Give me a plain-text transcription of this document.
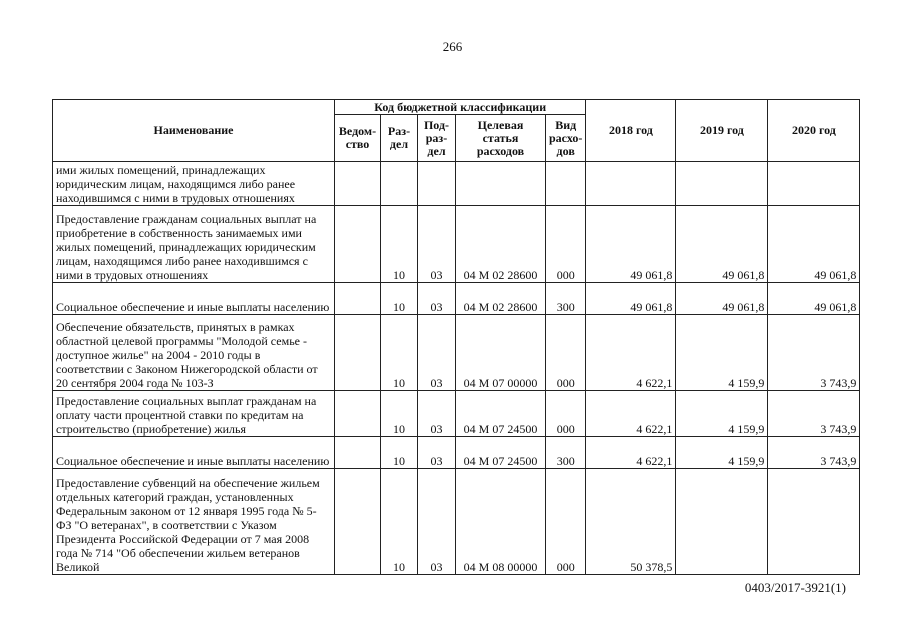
266
Наименование	Код бюджетной классификации					2018 год	2019 год	2020 год
	Ведом-ство	Раз-дел	Под-раз-дел	Целевая статья расходов	Вид расхо-дов			
ими жилых помещений, принадлежащих юридическим лицам, находящимся либо ранее находившимся с ними в трудовых отношениях								
Предоставление гражданам социальных выплат на приобретение в собственность занимаемых ими жилых помещений, принадлежащих юридическим лицам, находящимся либо ранее находившимся с ними в трудовых отношениях		10	03	04 М 02 28600	000	49 061,8	49 061,8	49 061,8
Социальное обеспечение и иные выплаты населению		10	03	04 М 02 28600	300	49 061,8	49 061,8	49 061,8
Обеспечение обязательств, принятых в рамках областной целевой программы "Молодой семье - доступное жилье" на 2004 - 2010 годы в соответствии с Законом Нижегородской области от 20 сентября 2004 года № 103-З		10	03	04 М 07 00000	000	4 622,1	4 159,9	3 743,9
Предоставление социальных выплат гражданам на оплату части процентной ставки по кредитам на строительство (приобретение) жилья		10	03	04 М 07 24500	000	4 622,1	4 159,9	3 743,9
Социальное обеспечение и иные выплаты населению		10	03	04 М 07 24500	300	4 622,1	4 159,9	3 743,9
Предоставление субвенций на обеспечение жильем отдельных категорий граждан, установленных Федеральным законом от 12 января 1995 года № 5-ФЗ "О ветеранах", в соответствии с Указом Президента Российской Федерации от 7 мая 2008 года № 714 "Об обеспечении жильем ветеранов Великой		10	03	04 М 08 00000	000	50 378,5		
0403/2017-3921(1)
